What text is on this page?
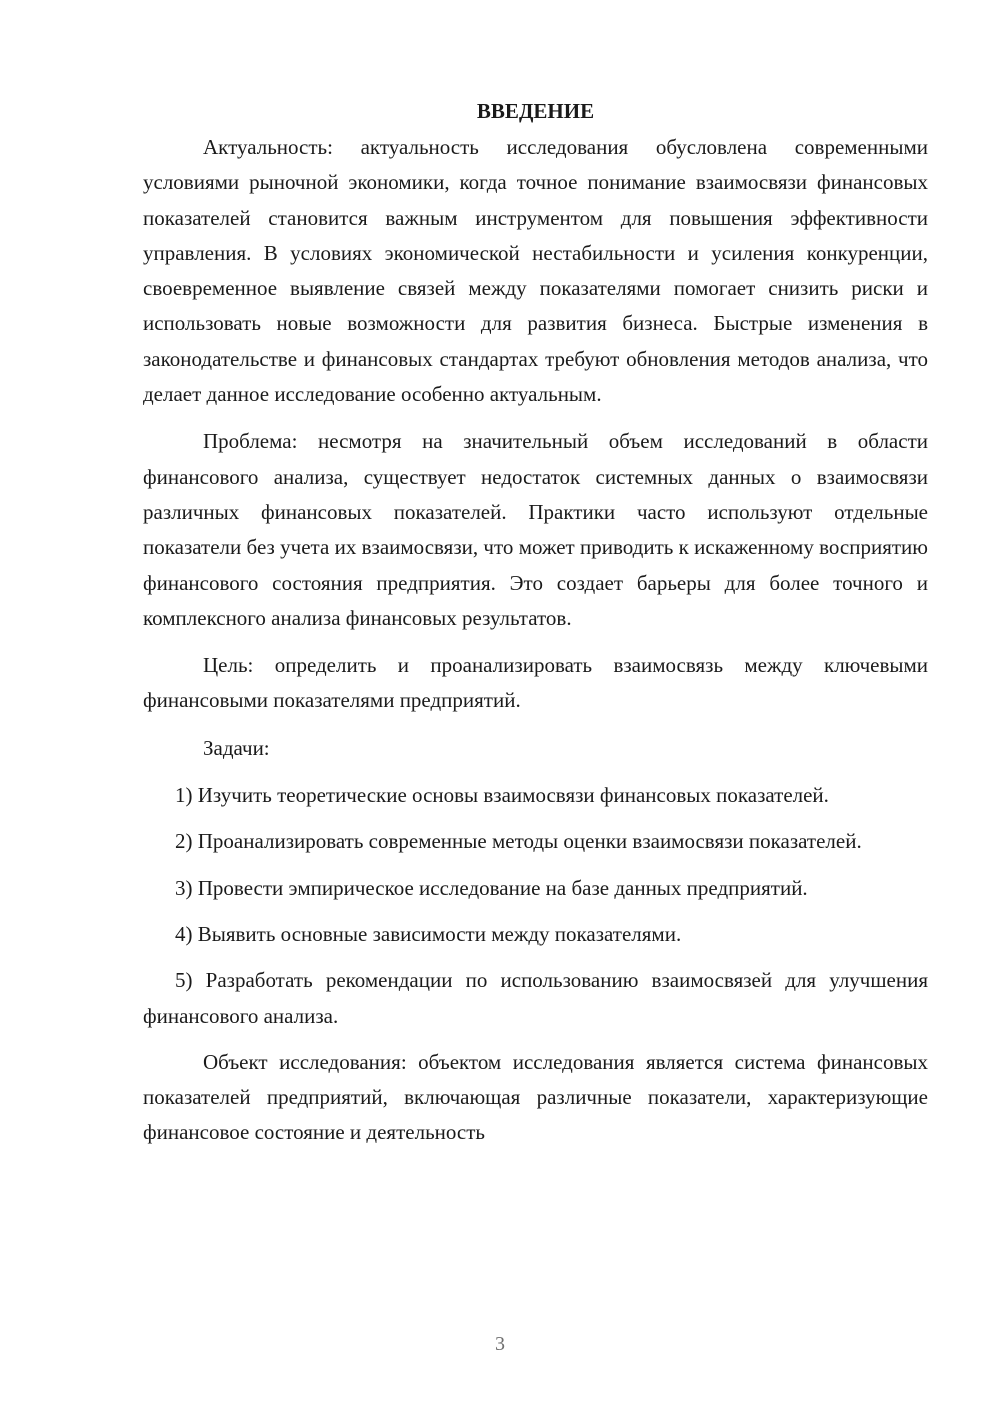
ВВЕДЕНИЕ

Актуальность: актуальность исследования обусловлена современными условиями рыночной экономики, когда точное понимание взаимосвязи финансовых показателей становится важным инструментом для повышения эффективности управления. В условиях экономической нестабильности и усиления конкуренции, своевременное выявление связей между показателями помогает снизить риски и использовать новые возможности для развития бизнеса. Быстрые изменения в законодательстве и финансовых стандартах требуют обновления методов анализа, что делает данное исследование особенно актуальным.

Проблема: несмотря на значительный объем исследований в области финансового анализа, существует недостаток системных данных о взаимосвязи различных финансовых показателей. Практики часто используют отдельные показатели без учета их взаимосвязи, что может приводить к искаженному восприятию финансового состояния предприятия. Это создает барьеры для более точного и комплексного анализа финансовых результатов.

Цель: определить и проанализировать взаимосвязь между ключевыми финансовыми показателями предприятий.

Задачи:

1) Изучить теоретические основы взаимосвязи финансовых показателей.

2) Проанализировать современные методы оценки взаимосвязи показателей.

3) Провести эмпирическое исследование на базе данных предприятий.

4) Выявить основные зависимости между показателями.

5) Разработать рекомендации по использованию взаимосвязей для улучшения финансового анализа.

Объект исследования: объектом исследования является система финансовых показателей предприятий, включающая различные показатели, характеризующие финансовое состояние и деятельность

3
